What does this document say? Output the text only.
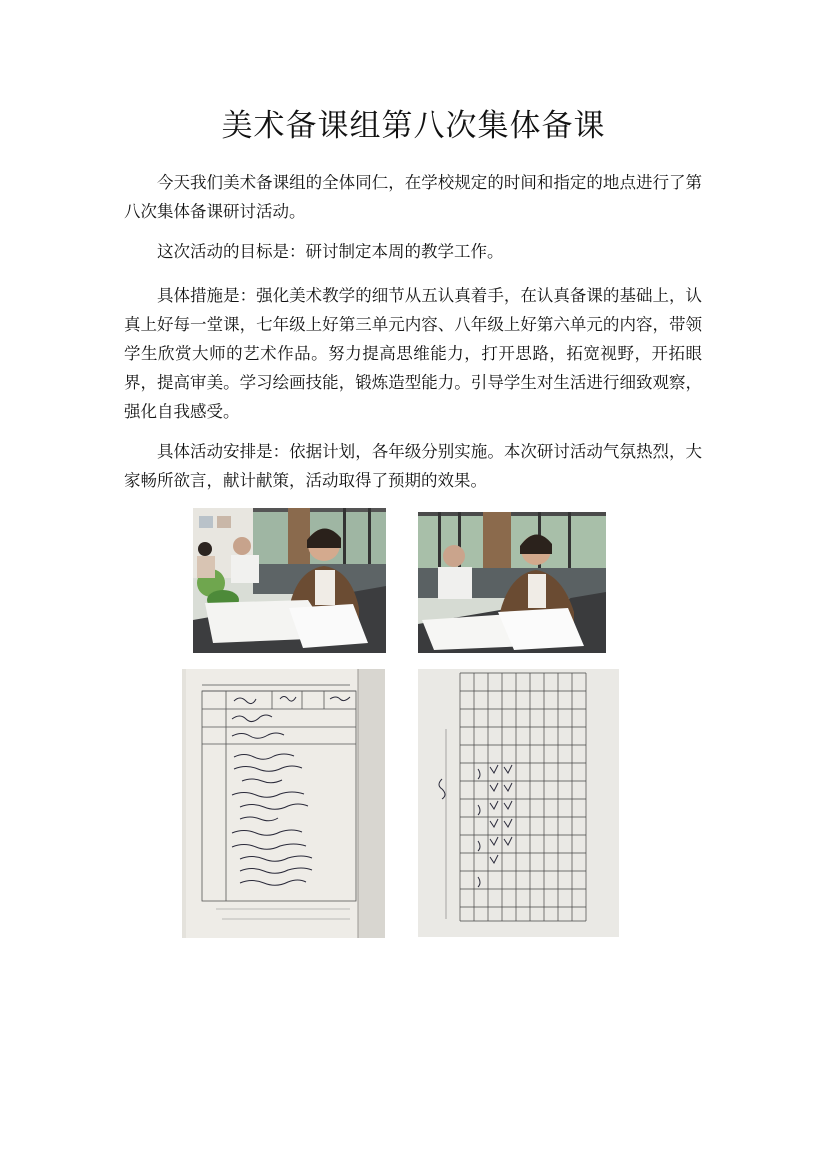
美术备课组第八次集体备课

今天我们美术备课组的全体同仁，在学校规定的时间和指定的地点进行了第八次集体备课研讨活动。

这次活动的目标是：研讨制定本周的教学工作。

具体措施是：强化美术教学的细节从五认真着手，在认真备课的基础上，认真上好每一堂课，七年级上好第三单元内容、八年级上好第六单元的内容，带领学生欣赏大师的艺术作品。努力提高思维能力，打开思路，拓宽视野，开拓眼界，提高审美。学习绘画技能，锻炼造型能力。引导学生对生活进行细致观察，强化自我感受。

具体活动安排是：依据计划，各年级分别实施。本次研讨活动气氛热烈，大家畅所欲言，献计献策，活动取得了预期的效果。
